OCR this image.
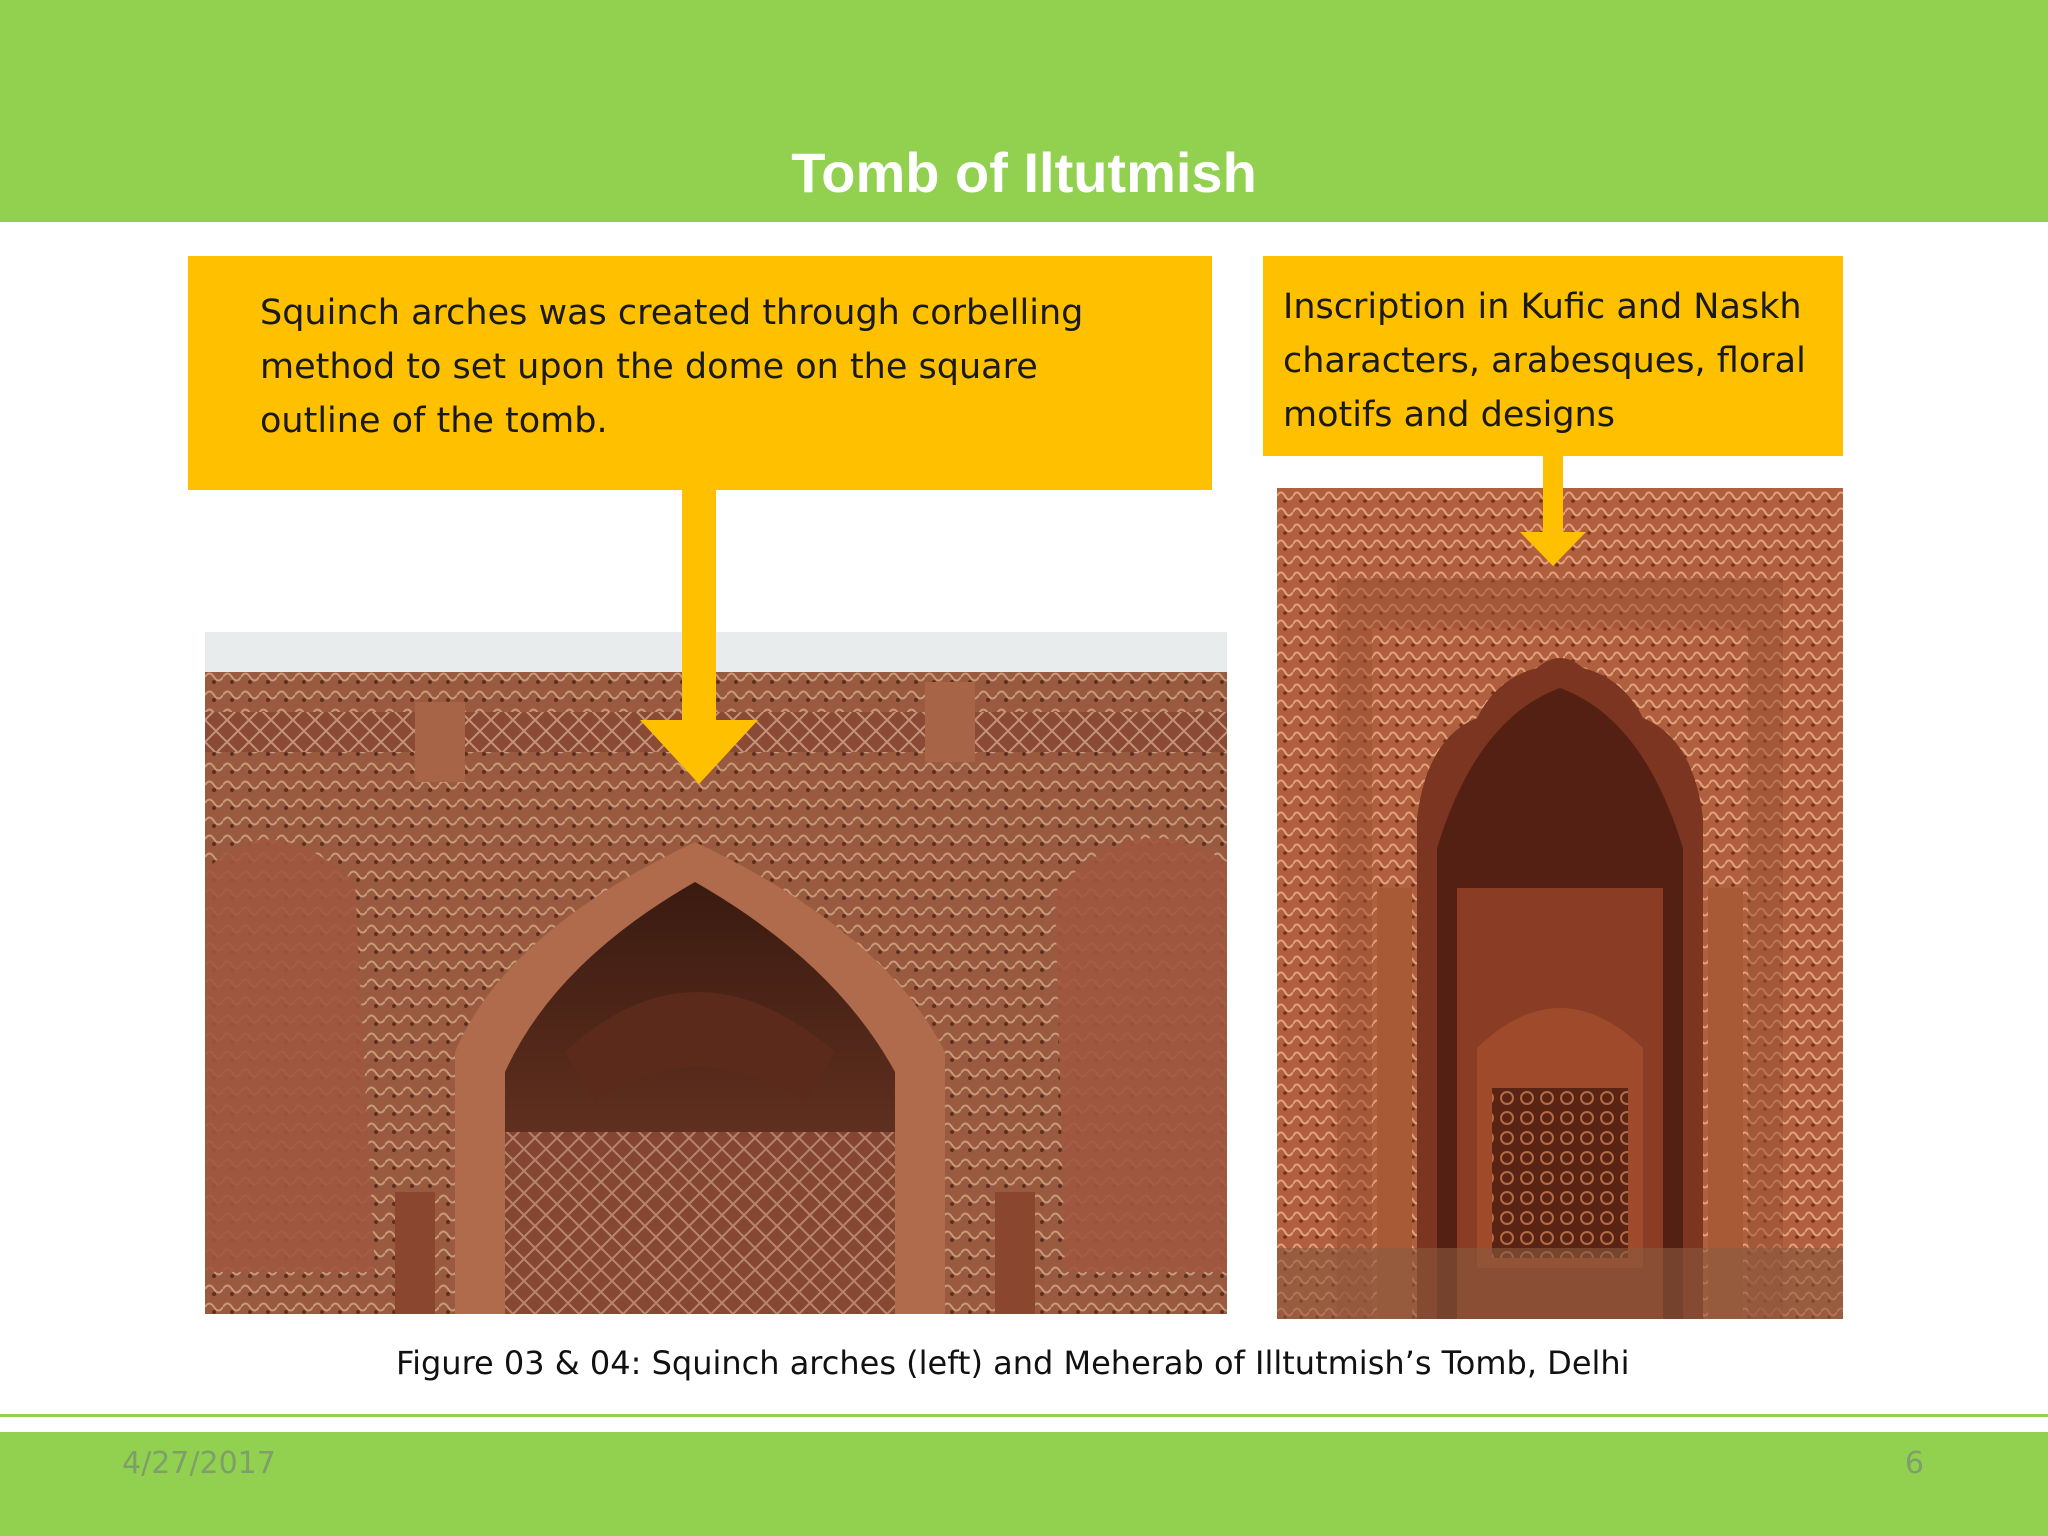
Tomb of Iltutmish
Squinch arches was created through corbelling
method to set upon the dome on the square
outline of the tomb.
Inscription in Kufic and Naskh
characters, arabesques, floral
motifs and designs
Figure 03 & 04: Squinch arches (left) and Meherab of Illtutmish’s Tomb, Delhi
4/27/2017	6
